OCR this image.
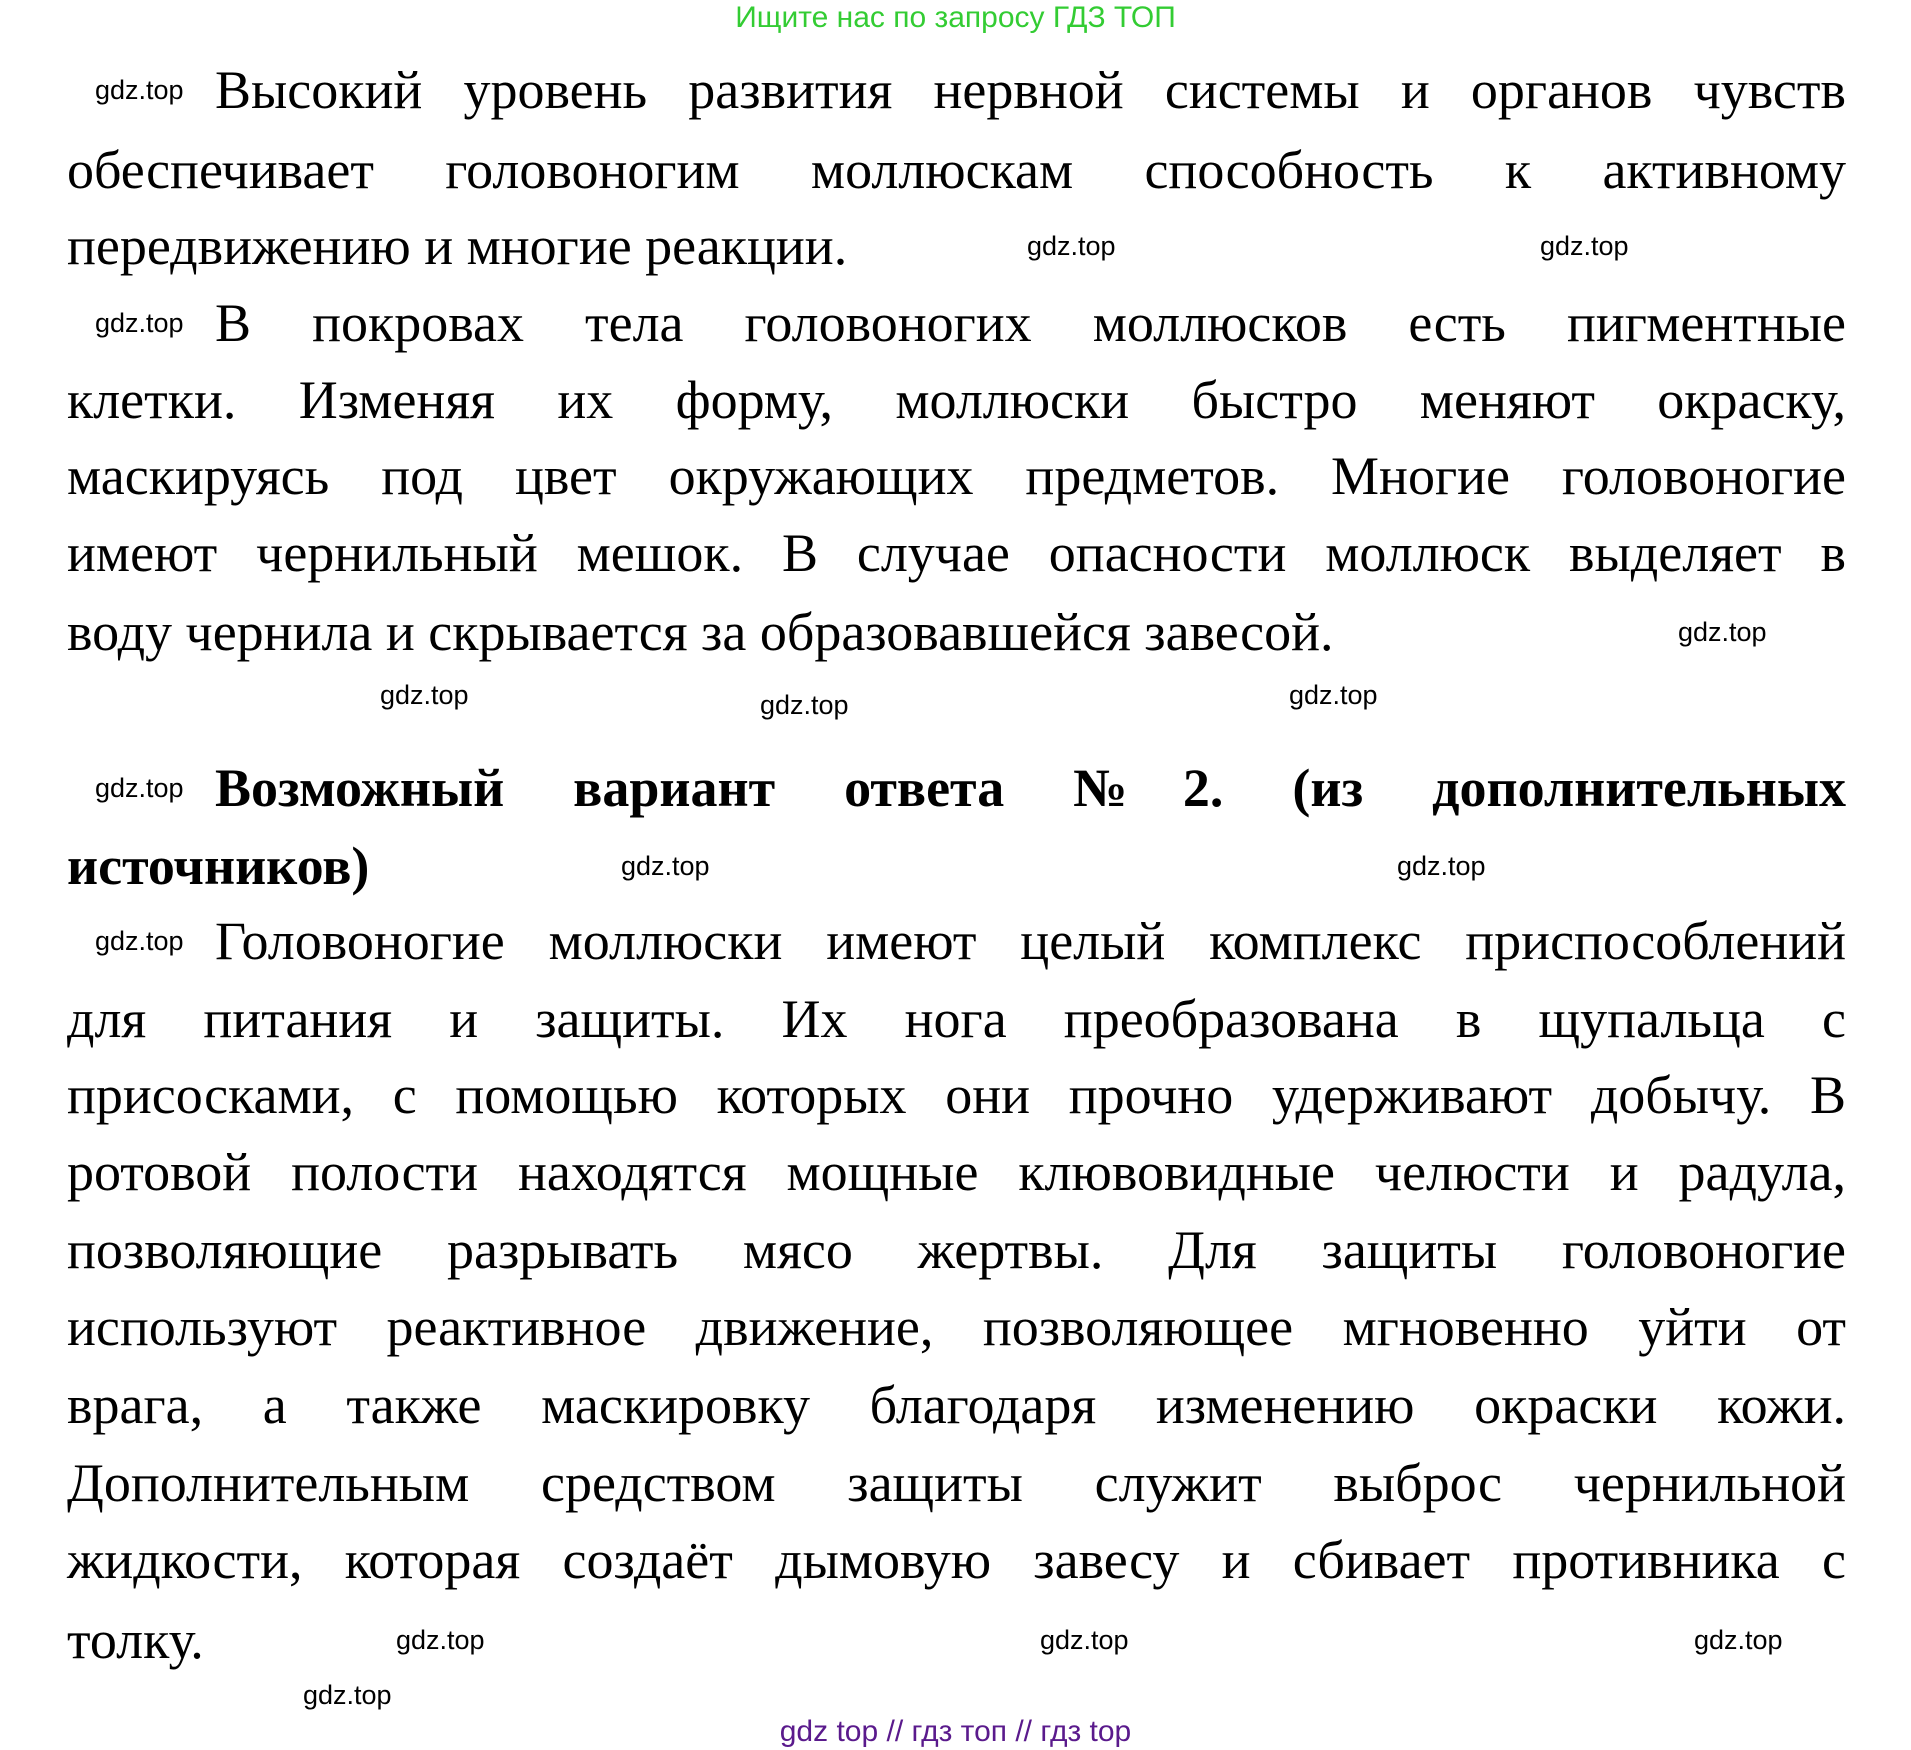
Ищите нас по запросу ГДЗ ТОП
Высокий уровень развития нервной системы и органов чувств
обеспечивает головоногим моллюскам способность к активному
передвижению и многие реакции.
В покровах тела головоногих моллюсков есть пигментные
клетки. Изменяя их форму, моллюски быстро меняют окраску,
маскируясь под цвет окружающих предметов. Многие головоногие
имеют чернильный мешок. В случае опасности моллюск выделяет в
воду чернила и скрывается за образовавшейся завесой.
Возможный вариант ответа №2. (из дополнительных
источников)
Головоногие моллюски имеют целый комплекс приспособлений
для питания и защиты. Их нога преобразована в щупальца с
присосками, с помощью которых они прочно удерживают добычу. В
ротовой полости находятся мощные клювовидные челюсти и радула,
позволяющие разрывать мясо жертвы. Для защиты головоногие
используют реактивное движение, позволяющее мгновенно уйти от
врага, а также маскировку благодаря изменению окраски кожи.
Дополнительным средством защиты служит выброс чернильной
жидкости, которая создаёт дымовую завесу и сбивает противника с
толку.
gdz.top
gdz.top	gdz.top
gdz.top
gdz.top
gdz.top	gdz.top	gdz.top
gdz.top	gdz.top
gdz.top
gdz.top
gdz.top	gdz.top
gdz.top
gdz.top
gdz top // гдз топ // гдз top
